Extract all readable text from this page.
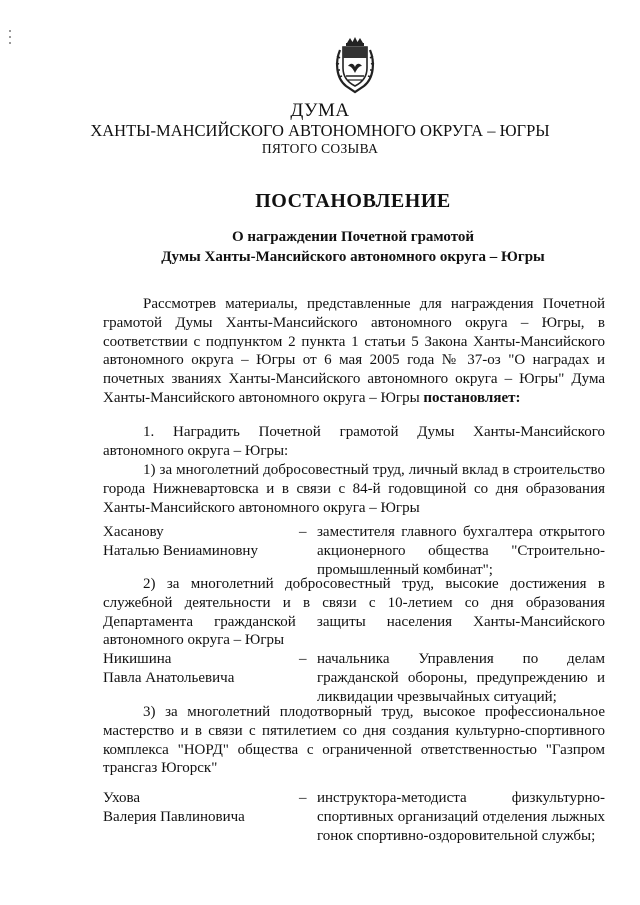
ДУМА
ХАНТЫ-МАНСИЙСКОГО АВТОНОМНОГО ОКРУГА – ЮГРЫ
ПЯТОГО СОЗЫВА
ПОСТАНОВЛЕНИЕ
О награждении Почетной грамотой
Думы Ханты-Мансийского автономного округа – Югры

Рассмотрев материалы, представленные для награждения Почетной грамотой Думы Ханты-Мансийского автономного округа – Югры, в соответствии с подпунктом 2 пункта 1 статьи 5 Закона Ханты-Мансийского автономного округа – Югры от 6 мая 2005 года № 37-оз "О наградах и почетных званиях Ханты-Мансийского автономного округа – Югры" Дума Ханты-Мансийского автономного округа – Югры постановляет:

1. Наградить Почетной грамотой Думы Ханты-Мансийского автономного округа – Югры:

1) за многолетний добросовестный труд, личный вклад в строительство города Нижневартовска и в связи с 84-й годовщиной со дня образования Ханты-Мансийского автономного округа – Югры

Хасанову
Наталью Вениаминовну
– заместителя главного бухгалтера открытого акционерного общества "Строительно-промышленный комбинат";

2) за многолетний добросовестный труд, высокие достижения в служебной деятельности и в связи с 10-летием со дня образования Департамента гражданской защиты населения Ханты-Мансийского автономного округа – Югры

Никишина
Павла Анатольевича
– начальника Управления по делам гражданской обороны, предупреждению и ликвидации чрезвычайных ситуаций;

3) за многолетний плодотворный труд, высокое профессиональное мастерство и в связи с пятилетием со дня создания культурно-спортивного комплекса "НОРД" общества с ограниченной ответственностью "Газпром трансгаз Югорск"

Ухова
Валерия Павлиновича
– инструктора-методиста физкультурно-спортивных организаций отделения лыжных гонок спортивно-оздоровительной службы;
